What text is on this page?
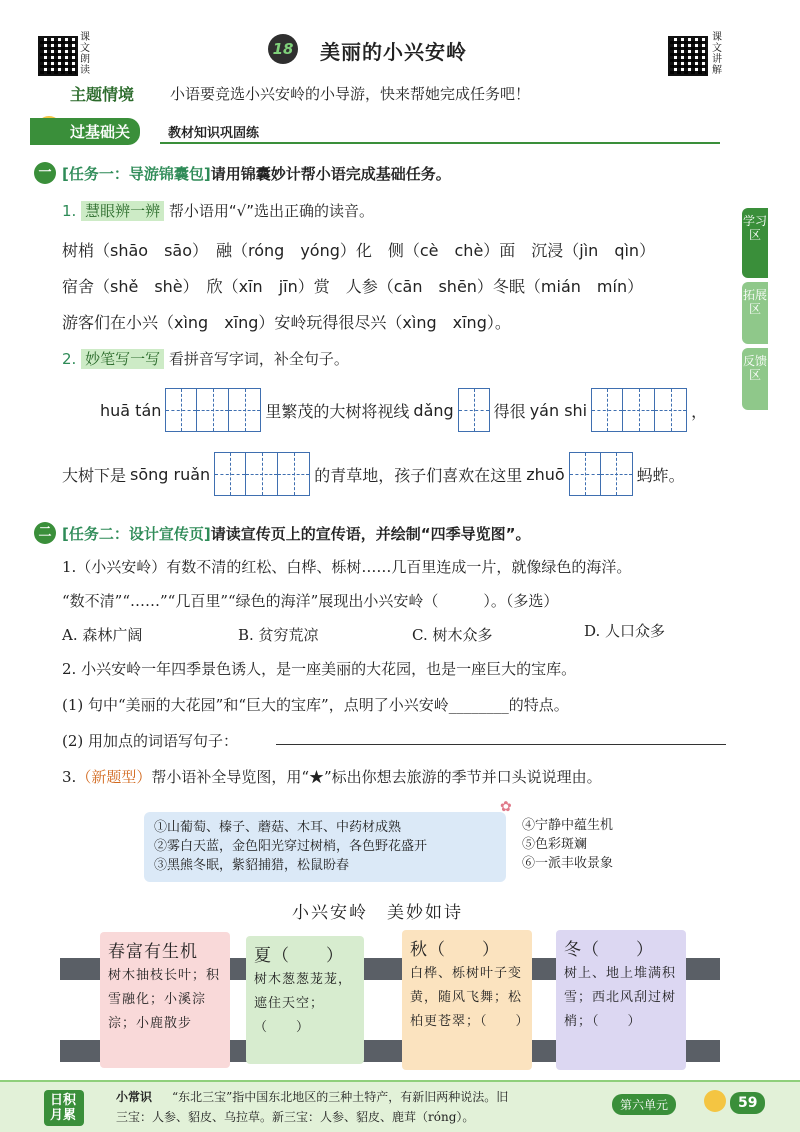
课文朗读
18 美丽的小兴安岭
课文讲解
主题情境 小语要竞选小兴安岭的小导游，快来帮她完成任务吧！
过基础关	教材知识巩固练
学习区
拓展区
反馈区
一 [任务一：导游锦囊包]请用锦囊妙计帮小语完成基础任务。
1. 慧眼辨一辨 帮小语用“√”选出正确的读音。
树梢（shāo　sāo）　融（róng　yóng）化　侧（cè　chè）面　沉浸（jìn　qìn）
宿舍（shě　shè）　欣（xīn　jīn）赏　人参（cān　shēn）冬眠（mián　mín）
游客们在小兴（xìng　xīng）安岭玩得很尽兴（xìng　xīng）。
2. 妙笔写一写 看拼音写字词，补全句子。
huā tán	里繁茂的大树将视线 dǎng	得很 yán shi	，
大树下是 sōng ruǎn	的青草地，孩子们喜欢在这里 zhuō	蚂蚱。
二 [任务二：设计宣传页]请读宣传页上的宣传语，并绘制“四季导览图”。
1.（小兴安岭）有数不清的红松、白桦、栎树……几百里连成一片，就像绿色的海洋。
“数不清”“……”“几百里”“绿色的海洋”展现出小兴安岭（　　　）。（多选）
A. 森林广阔	B. 贫穷荒凉	C. 树木众多	D. 人口众多
2. 小兴安岭一年四季景色诱人，是一座美丽的大花园，也是一座巨大的宝库。
(1) 句中“美丽的大花园”和“巨大的宝库”，点明了小兴安岭________的特点。
(2) 用加点的词语写句子：
3.（新题型）帮小语补全导览图，用“★”标出你想去旅游的季节并口头说说理由。
①山葡萄、榛子、蘑菇、木耳、中药材成熟
②雾白天蓝，金色阳光穿过树梢，各色野花盛开
③黑熊冬眠，紫貂捕猎，松鼠盼春
✿
④宁静中蕴生机
⑤色彩斑斓
⑥一派丰收景象
小兴安岭　美妙如诗
春富有生机
树木抽枝长叶；积雪融化；小溪淙淙；小鹿散步
夏（　　）
树木葱葱茏茏，遮住天空；（　　）
秋（　　）
白桦、栎树叶子变黄，随风飞舞；松柏更苍翠；（　　）
冬（　　）
树上、地上堆满积雪；西北风刮过树梢；（　　）
日积月累
小常识 “东北三宝”指中国东北地区的三种土特产，有新旧两种说法。旧
三宝：人参、貂皮、乌拉草。新三宝：人参、貂皮、鹿茸（róng）。
第六单元	59
